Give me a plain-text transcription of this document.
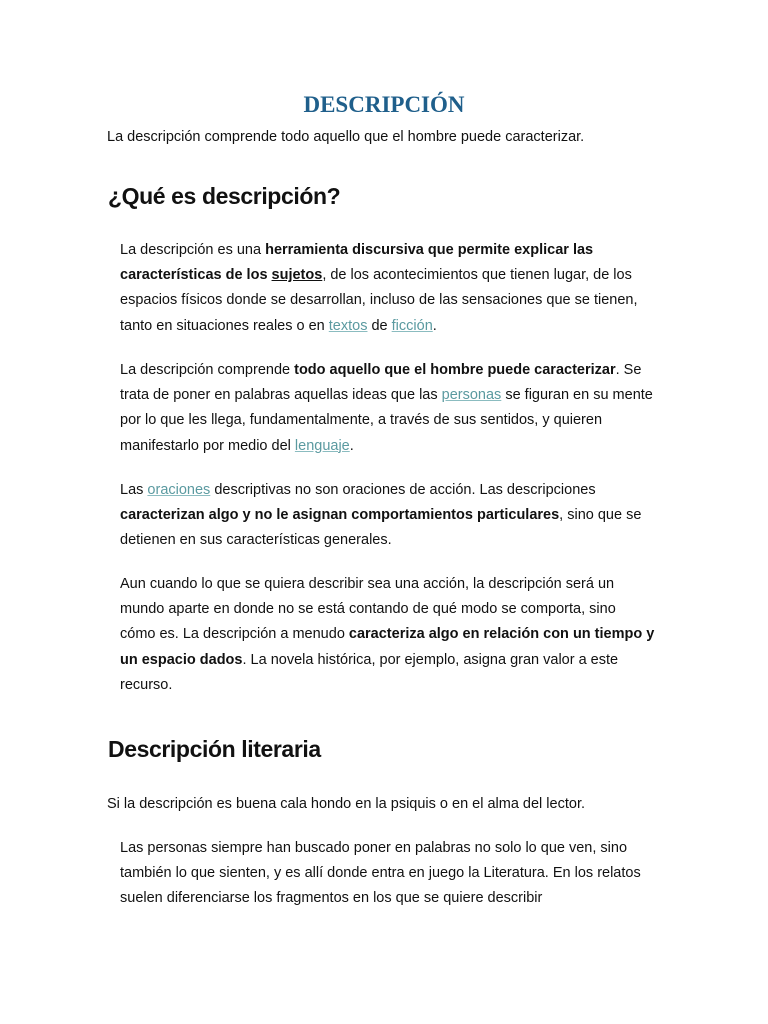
DESCRIPCIÓN

La descripción comprende todo aquello que el hombre puede caracterizar.

¿Qué es descripción?

La descripción es una herramienta discursiva que permite explicar las características de los sujetos, de los acontecimientos que tienen lugar, de los espacios físicos donde se desarrollan, incluso de las sensaciones que se tienen, tanto en situaciones reales o en textos de ficción.

La descripción comprende todo aquello que el hombre puede caracterizar. Se trata de poner en palabras aquellas ideas que las personas se figuran en su mente por lo que les llega, fundamentalmente, a través de sus sentidos, y quieren manifestarlo por medio del lenguaje.

Las oraciones descriptivas no son oraciones de acción. Las descripciones caracterizan algo y no le asignan comportamientos particulares, sino que se detienen en sus características generales.

Aun cuando lo que se quiera describir sea una acción, la descripción será un mundo aparte en donde no se está contando de qué modo se comporta, sino cómo es. La descripción a menudo caracteriza algo en relación con un tiempo y un espacio dados. La novela histórica, por ejemplo, asigna gran valor a este recurso.

Descripción literaria

Si la descripción es buena cala hondo en la psiquis o en el alma del lector.

Las personas siempre han buscado poner en palabras no solo lo que ven, sino también lo que sienten, y es allí donde entra en juego la Literatura. En los relatos suelen diferenciarse los fragmentos en los que se quiere describir
